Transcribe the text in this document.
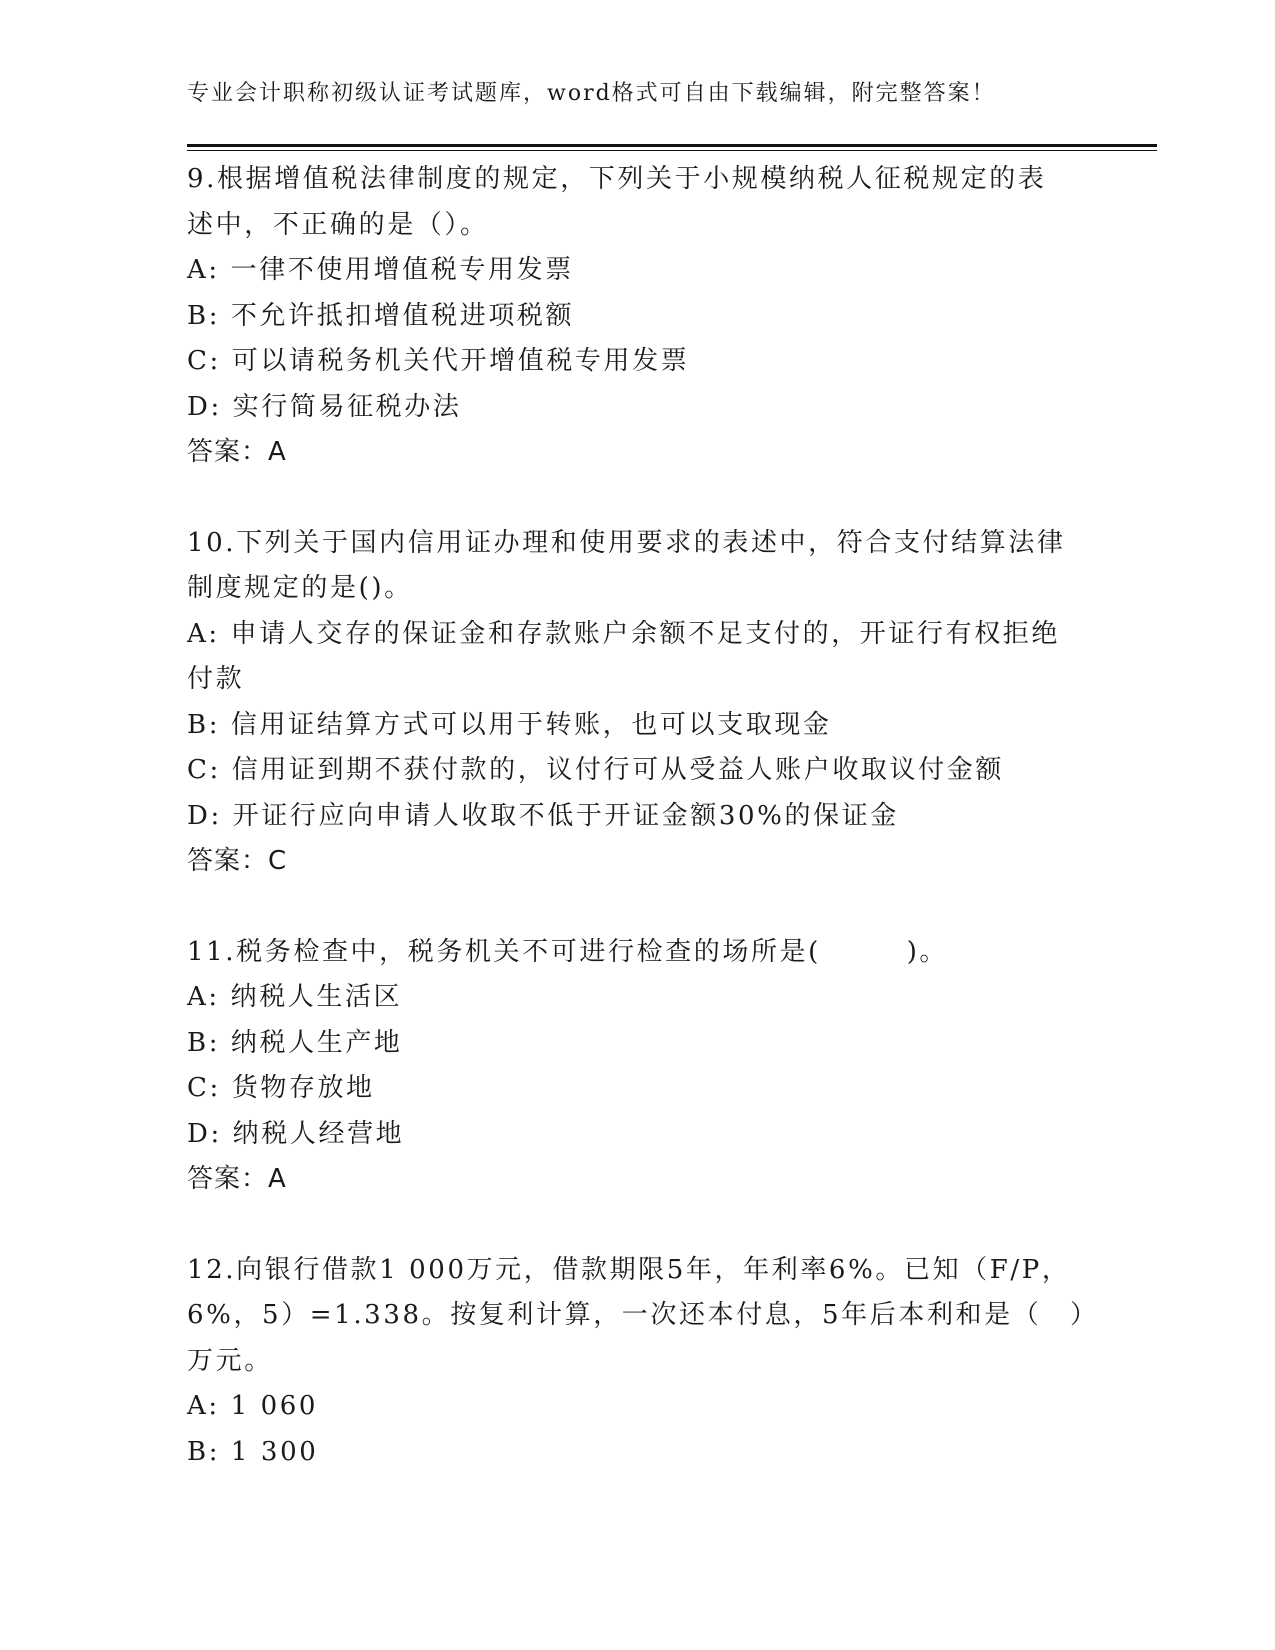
专业会计职称初级认证考试题库，word格式可自由下载编辑，附完整答案！
9.根据增值税法律制度的规定，下列关于小规模纳税人征税规定的表
述中，不正确的是（）。
A: 一律不使用增值税专用发票
B: 不允许抵扣增值税进项税额
C: 可以请税务机关代开增值税专用发票
D: 实行简易征税办法
答案：A
10.下列关于国内信用证办理和使用要求的表述中，符合支付结算法律
制度规定的是()。
A: 申请人交存的保证金和存款账户余额不足支付的，开证行有权拒绝
付款
B: 信用证结算方式可以用于转账，也可以支取现金
C: 信用证到期不获付款的，议付行可从受益人账户收取议付金额
D: 开证行应向申请人收取不低于开证金额30%的保证金
答案：C
11.税务检查中，税务机关不可进行检查的场所是(　　　)。
A: 纳税人生活区
B: 纳税人生产地
C: 货物存放地
D: 纳税人经营地
答案：A
12.向银行借款1 000万元，借款期限5年，年利率6%。已知（F/P，
6%，5）=1.338。按复利计算，一次还本付息，5年后本利和是（　）
万元。
A: 1 060
B: 1 300
